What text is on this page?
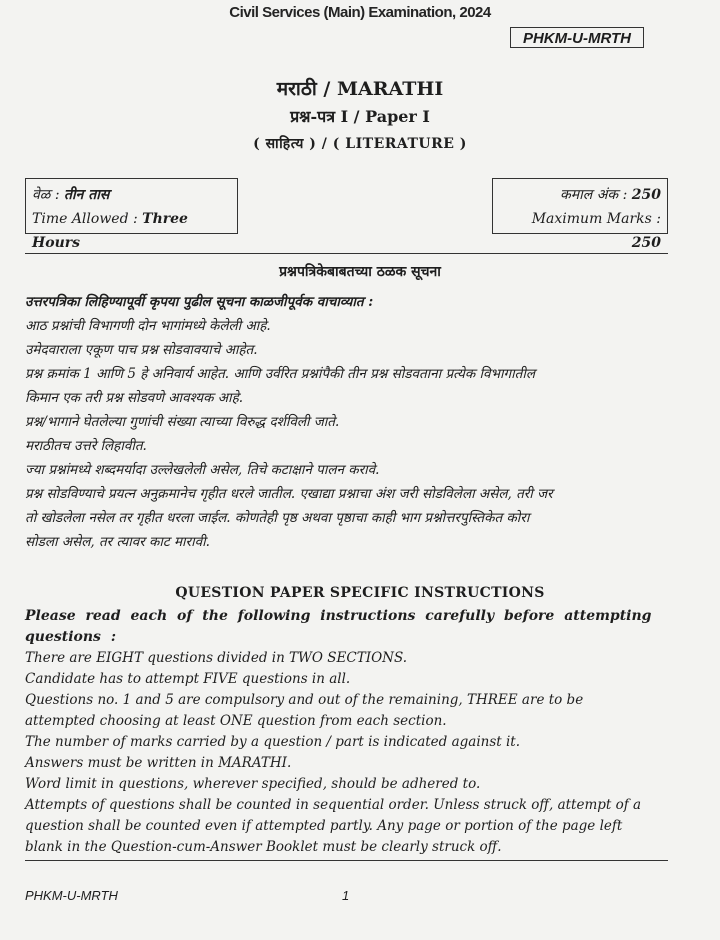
Civil Services (Main) Examination, 2024
PHKM-U-MRTH
मराठी / MARATHI
प्रश्न-पत्र I / Paper I
( साहित्य ) / ( LITERATURE )
वेळ : तीन तास
Time Allowed : Three Hours
कमाल अंक : 250
Maximum Marks : 250
प्रश्नपत्रिकेबाबतच्या ठळक सूचना
उत्तरपत्रिका लिहिण्यापूर्वी कृपया पुढील सूचना काळजीपूर्वक वाचाव्यात :
आठ प्रश्नांची विभागणी दोन भागांमध्ये केलेली आहे.
उमेदवाराला एकूण पाच प्रश्न सोडवावयाचे आहेत.
प्रश्न क्रमांक 1 आणि 5 हे अनिवार्य आहेत. आणि उर्वरित प्रश्नांपैकी तीन प्रश्न सोडवताना प्रत्येक विभागातील
किमान एक तरी प्रश्न सोडवणे आवश्यक आहे.
प्रश्न/भागाने घेतलेल्या गुणांची संख्या त्याच्या विरुद्ध दर्शविली जाते.
मराठीतच उत्तरे लिहावीत.
ज्या प्रश्नांमध्ये शब्दमर्यादा उल्लेखलेली असेल, तिचे कटाक्षाने पालन करावे.
प्रश्न सोडविण्याचे प्रयत्न अनुक्रमानेच गृहीत धरले जातील. एखाद्या प्रश्नाचा अंश जरी सोडविलेला असेल, तरी जर
तो खोडलेला नसेल तर गृहीत धरला जाईल. कोणतेही पृष्ठ अथवा पृष्ठाचा काही भाग प्रश्नोत्तरपुस्तिकेत कोरा
सोडला असेल, तर त्यावर काट मारावी.
QUESTION PAPER SPECIFIC INSTRUCTIONS
Please read each of the following instructions carefully before attempting
questions :
There are EIGHT questions divided in TWO SECTIONS.
Candidate has to attempt FIVE questions in all.
Questions no. 1 and 5 are compulsory and out of the remaining, THREE are to be
attempted choosing at least ONE question from each section.
The number of marks carried by a question / part is indicated against it.
Answers must be written in MARATHI.
Word limit in questions, wherever specified, should be adhered to.
Attempts of questions shall be counted in sequential order. Unless struck off, attempt of a
question shall be counted even if attempted partly. Any page or portion of the page left
blank in the Question-cum-Answer Booklet must be clearly struck off.
PHKM-U-MRTH	1
